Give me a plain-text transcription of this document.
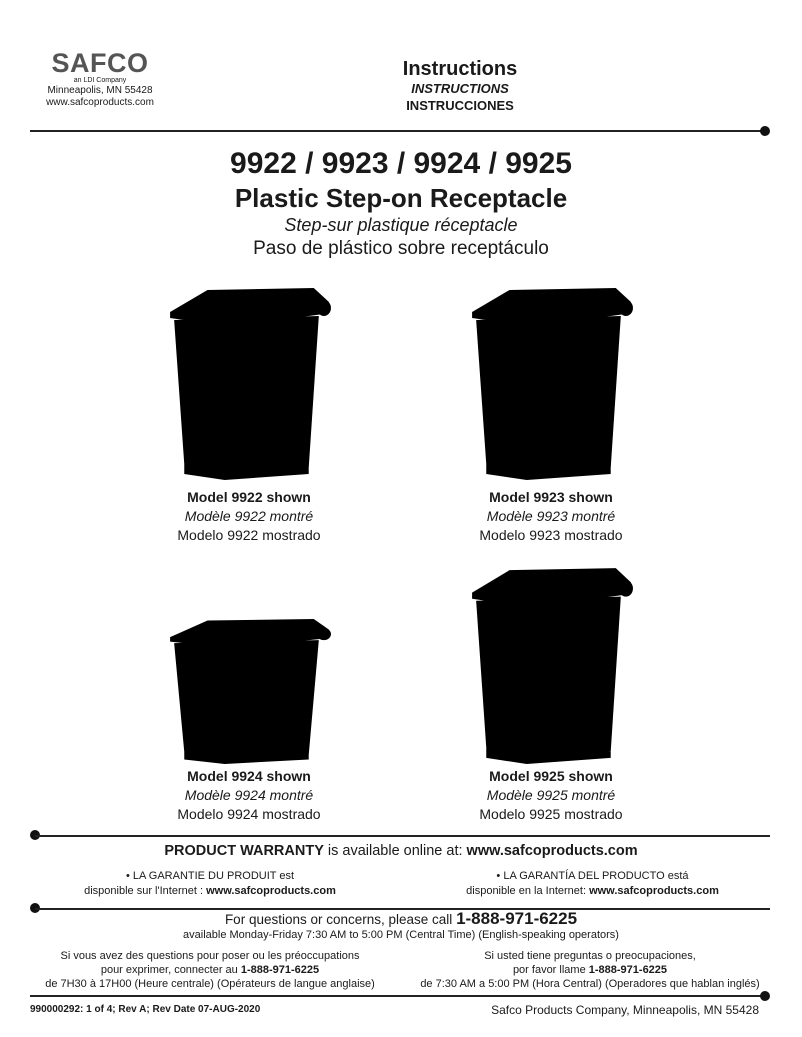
SAFCO
an LDI Company
Minneapolis, MN 55428
www.safcoproducts.com
Instructions
INSTRUCTIONS
INSTRUCCIONES
9922 / 9923 / 9924 / 9925
Plastic Step-on Receptacle
Step-sur plastique réceptacle
Paso de plástico sobre receptáculo
Model 9922 shown
Modèle 9922 montré
Modelo 9922 mostrado
Model 9923 shown
Modèle 9923 montré
Modelo 9923 mostrado
Model 9924 shown
Modèle 9924 montré
Modelo 9924 mostrado
Model 9925 shown
Modèle 9925 montré
Modelo 9925 mostrado
PRODUCT WARRANTY is available online at: www.safcoproducts.com
• LA GARANTIE DU PRODUIT est
disponible sur l'Internet : www.safcoproducts.com
• LA GARANTÍA DEL PRODUCTO está
disponible en la Internet: www.safcoproducts.com
For questions or concerns, please call 1-888-971-6225
available Monday-Friday 7:30 AM to 5:00 PM (Central Time) (English-speaking operators)
Si vous avez des questions pour poser ou les préoccupations
pour exprimer, connecter au 1-888-971-6225
de 7H30 à 17H00 (Heure centrale) (Opérateurs de langue anglaise)
Si usted tiene preguntas o preocupaciones,
por favor llame 1-888-971-6225
de 7:30 AM a 5:00 PM (Hora Central) (Operadores que hablan inglés)
990000292: 1 of 4; Rev A; Rev Date 07-AUG-2020	Safco Products Company, Minneapolis, MN 55428
